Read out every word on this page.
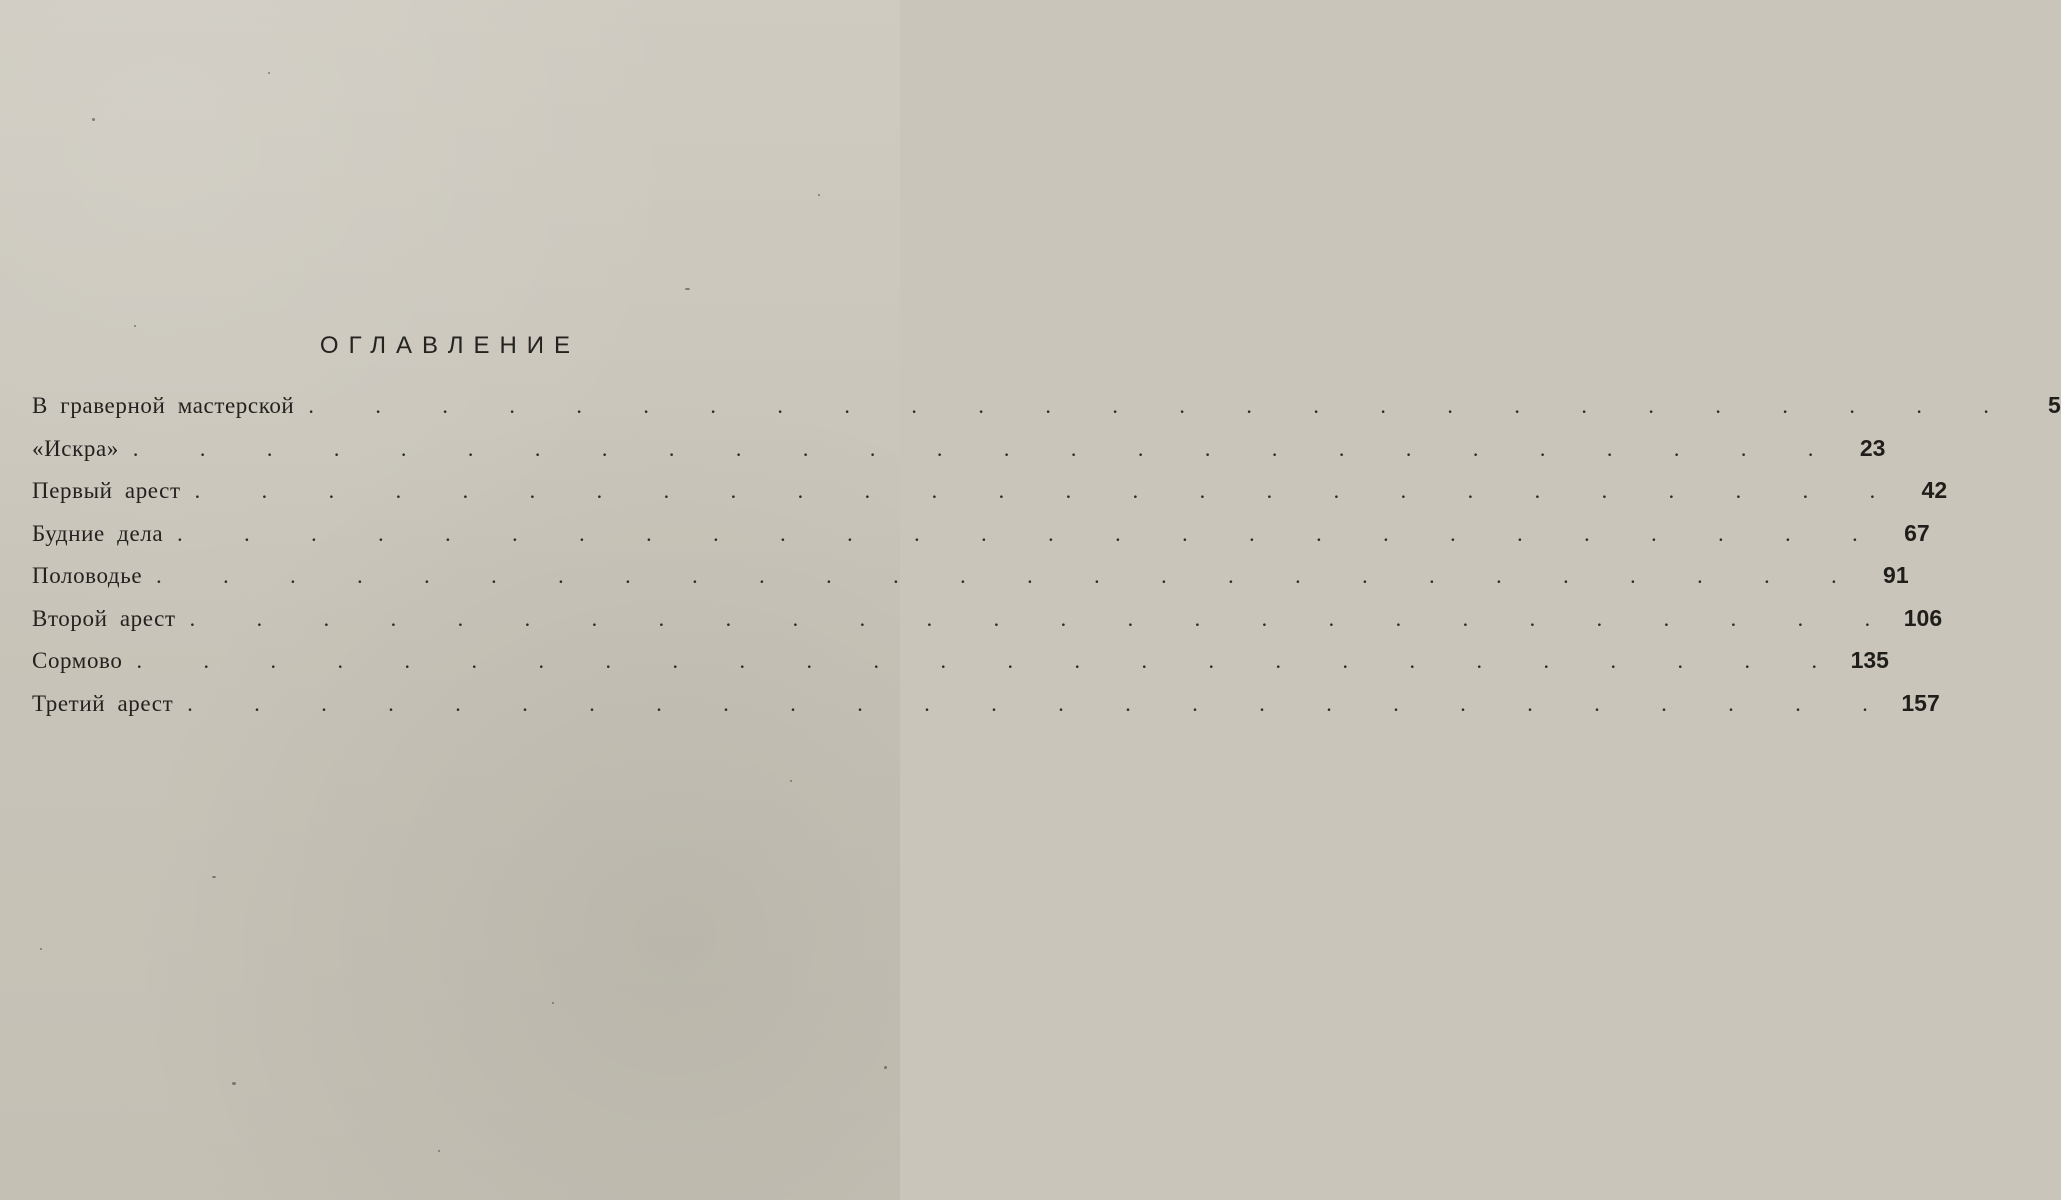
ОГЛАВЛЕНИЕ
В граверной мастерской . . . . . . . . . . . . . . . . . . . . . . . . . .	5
«Искра» . . . . . . . . . . . . . . . . . . . . . . . . . . 23
Первый арест . . . . . . . . . . . . . . . . . . . . . . . . . . 42
Будние дела . . . . . . . . . . . . . . . . . . . . . . . . . . 67
Половодье . . . . . . . . . . . . . . . . . . . . . . . . . . 91
Второй арест . . . . . . . . . . . . . . . . . . . . . . . . . . 106
Сормово . . . . . . . . . . . . . . . . . . . . . . . . . . 135
Третий арест . . . . . . . . . . . . . . . . . . . . . . . . . . 157
